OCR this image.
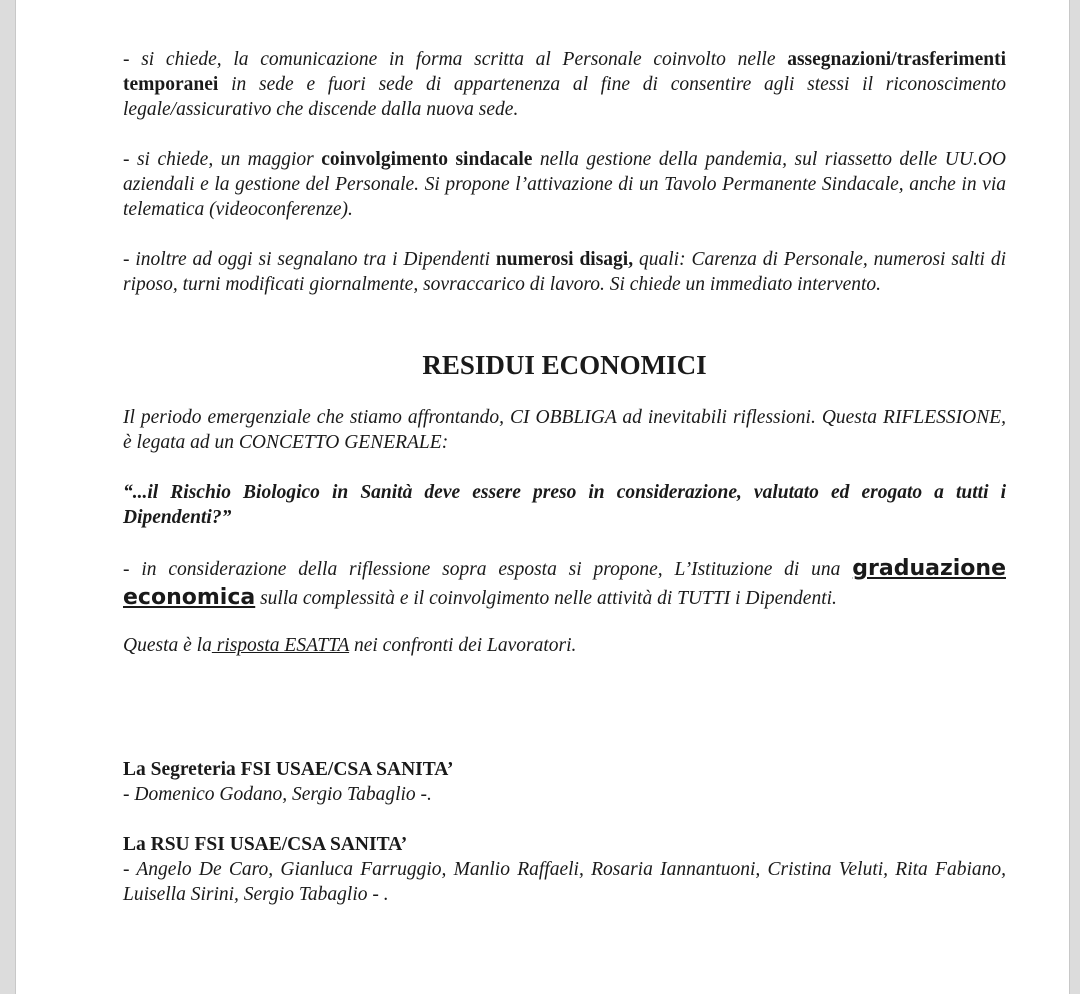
- si chiede, la comunicazione in forma scritta al Personale coinvolto nelle assegnazioni/trasferimenti temporanei in sede e fuori sede di appartenenza al fine di consentire agli stessi il riconoscimento legale/assicurativo che discende dalla nuova sede.

- si chiede, un maggior coinvolgimento sindacale nella gestione della pandemia, sul riassetto delle UU.OO aziendali e la gestione del Personale. Si propone l’attivazione di un Tavolo Permanente Sindacale, anche in via telematica (videoconferenze).

- inoltre ad oggi si segnalano tra i Dipendenti numerosi disagi, quali: Carenza di Personale, numerosi salti di riposo, turni modificati giornalmente, sovraccarico di lavoro. Si chiede un immediato intervento.

RESIDUI ECONOMICI

Il periodo emergenziale che stiamo affrontando, CI OBBLIGA ad inevitabili riflessioni. Questa RIFLESSIONE, è legata ad un CONCETTO GENERALE:

“...il Rischio Biologico in Sanità deve essere preso in considerazione, valutato ed erogato a tutti i Dipendenti?”

- in considerazione della riflessione sopra esposta si propone, L’Istituzione di una graduazione economica sulla complessità e il coinvolgimento nelle attività di TUTTI i Dipendenti.

Questa è la risposta ESATTA nei confronti dei Lavoratori.

La Segreteria FSI USAE/CSA SANITA’

- Domenico Godano, Sergio Tabaglio -.

La RSU FSI USAE/CSA SANITA’

- Angelo De Caro, Gianluca Farruggio, Manlio Raffaeli, Rosaria Iannantuoni, Cristina Veluti, Rita Fabiano, Luisella Sirini, Sergio Tabaglio - .
